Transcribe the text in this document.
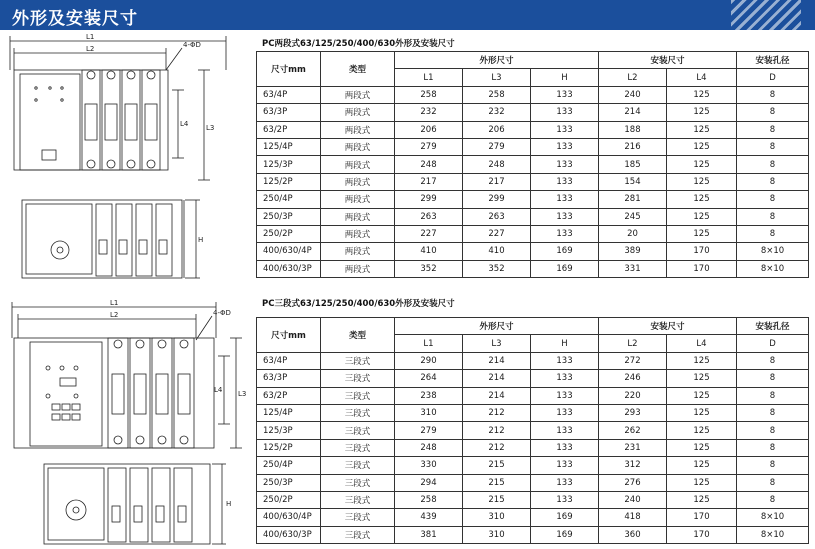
外形及安装尺寸
L1
L2	4-ΦD
L4	L3
H
L1
L2	4-ΦD
L4 L3
H
PC两段式63/125/250/400/630外形及安装尺寸
尺寸mm	类型	外形尺寸			安装尺寸		安装孔径
		L1	L3	H	L2	L4	D
63/4P	两段式	258	258	133	240	125	8
63/3P	两段式	232	232	133	214	125	8
63/2P	两段式	206	206	133	188	125	8
125/4P	两段式	279	279	133	216	125	8
125/3P	两段式	248	248	133	185	125	8
125/2P	两段式	217	217	133	154	125	8
250/4P	两段式	299	299	133	281	125	8
250/3P	两段式	263	263	133	245	125	8
250/2P	两段式	227	227	133	20	125	8
400/630/4P	两段式	410	410	169	389	170	8×10
400/630/3P	两段式	352	352	169	331	170	8×10
PC三段式63/125/250/400/630外形及安装尺寸
尺寸mm	类型	外形尺寸			安装尺寸		安装孔径
		L1	L3	H	L2	L4	D
63/4P	三段式	290	214	133	272	125	8
63/3P	三段式	264	214	133	246	125	8
63/2P	三段式	238	214	133	220	125	8
125/4P	三段式	310	212	133	293	125	8
125/3P	三段式	279	212	133	262	125	8
125/2P	三段式	248	212	133	231	125	8
250/4P	三段式	330	215	133	312	125	8
250/3P	三段式	294	215	133	276	125	8
250/2P	三段式	258	215	133	240	125	8
400/630/4P	三段式	439	310	169	418	170	8×10
400/630/3P	三段式	381	310	169	360	170	8×10
